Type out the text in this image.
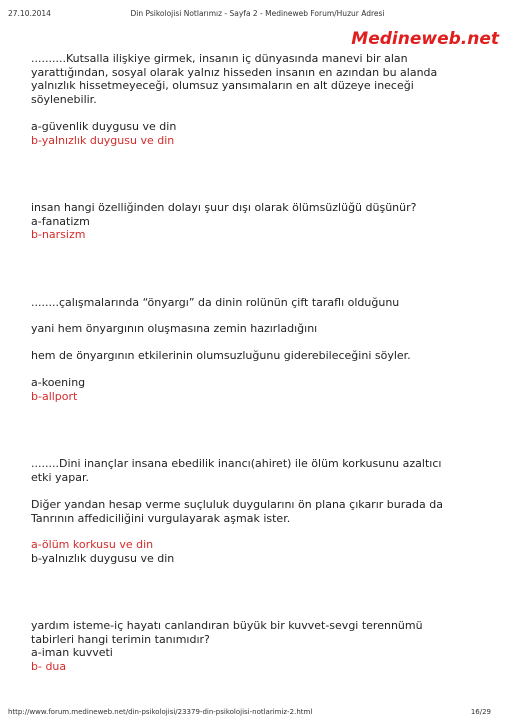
27.10.2014	Din Psikolojisi Notlarımız - Sayfa 2 - Medineweb Forum/Huzur Adresi
Medineweb.net

..........Kutsalla ilişkiye girmek, insanın iç dünyasında manevi bir alan yarattığından, sosyal olarak yalnız hisseden insanın en azından bu alanda yalnızlık hissetmeyeceği, olumsuz yansımaların en alt düzeye ineceği söylenebilir.

a-güvenlik duygusu ve din

b-yalnızlık duygusu ve din

insan hangi özelliğinden dolayı şuur dışı olarak ölümsüzlüğü düşünür?

a-fanatizm

b-narsizm

........çalışmalarında “önyargı” da dinin rolünün çift taraflı olduğunu

yani hem önyargının oluşmasına zemin hazırladığını

hem de önyargının etkilerinin olumsuzluğunu giderebileceğini söyler.

a-koening

b-allport

........Dini inançlar insana ebedilik inancı(ahiret) ile ölüm korkusunu azaltıcı etki yapar.

Diğer yandan hesap verme suçluluk duygularını ön plana çıkarır burada da Tanrının affediciliğini vurgulayarak aşmak ister.

a-ölüm korkusu ve din

b-yalnızlık duygusu ve din

yardım isteme-iç hayatı canlandıran büyük bir kuvvet-sevgi terennümü tabirleri hangi terimin tanımıdır?

a-iman kuvveti

b- dua

http://www.forum.medineweb.net/din-psikolojisi/23379-din-psikolojisi-notlarimiz-2.html	16/29
